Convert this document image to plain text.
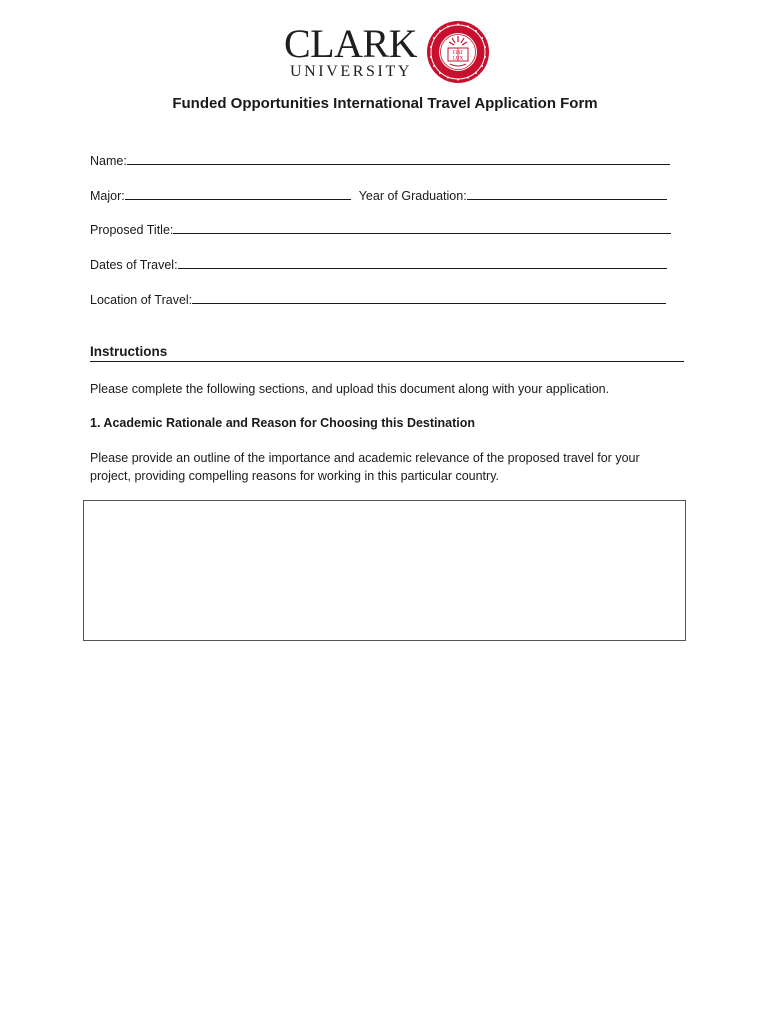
CLARK
UNIVERSITY
FIAT
LUX
Funded Opportunities International Travel Application Form
Name:
Major:	Year of Graduation:
Proposed Title:
Dates of Travel:
Location of Travel:
Instructions
Please complete the following sections, and upload this document along with your application.
1. Academic Rationale and Reason for Choosing this Destination
Please provide an outline of the importance and academic relevance of the proposed travel for your project, providing compelling reasons for working in this particular country.
